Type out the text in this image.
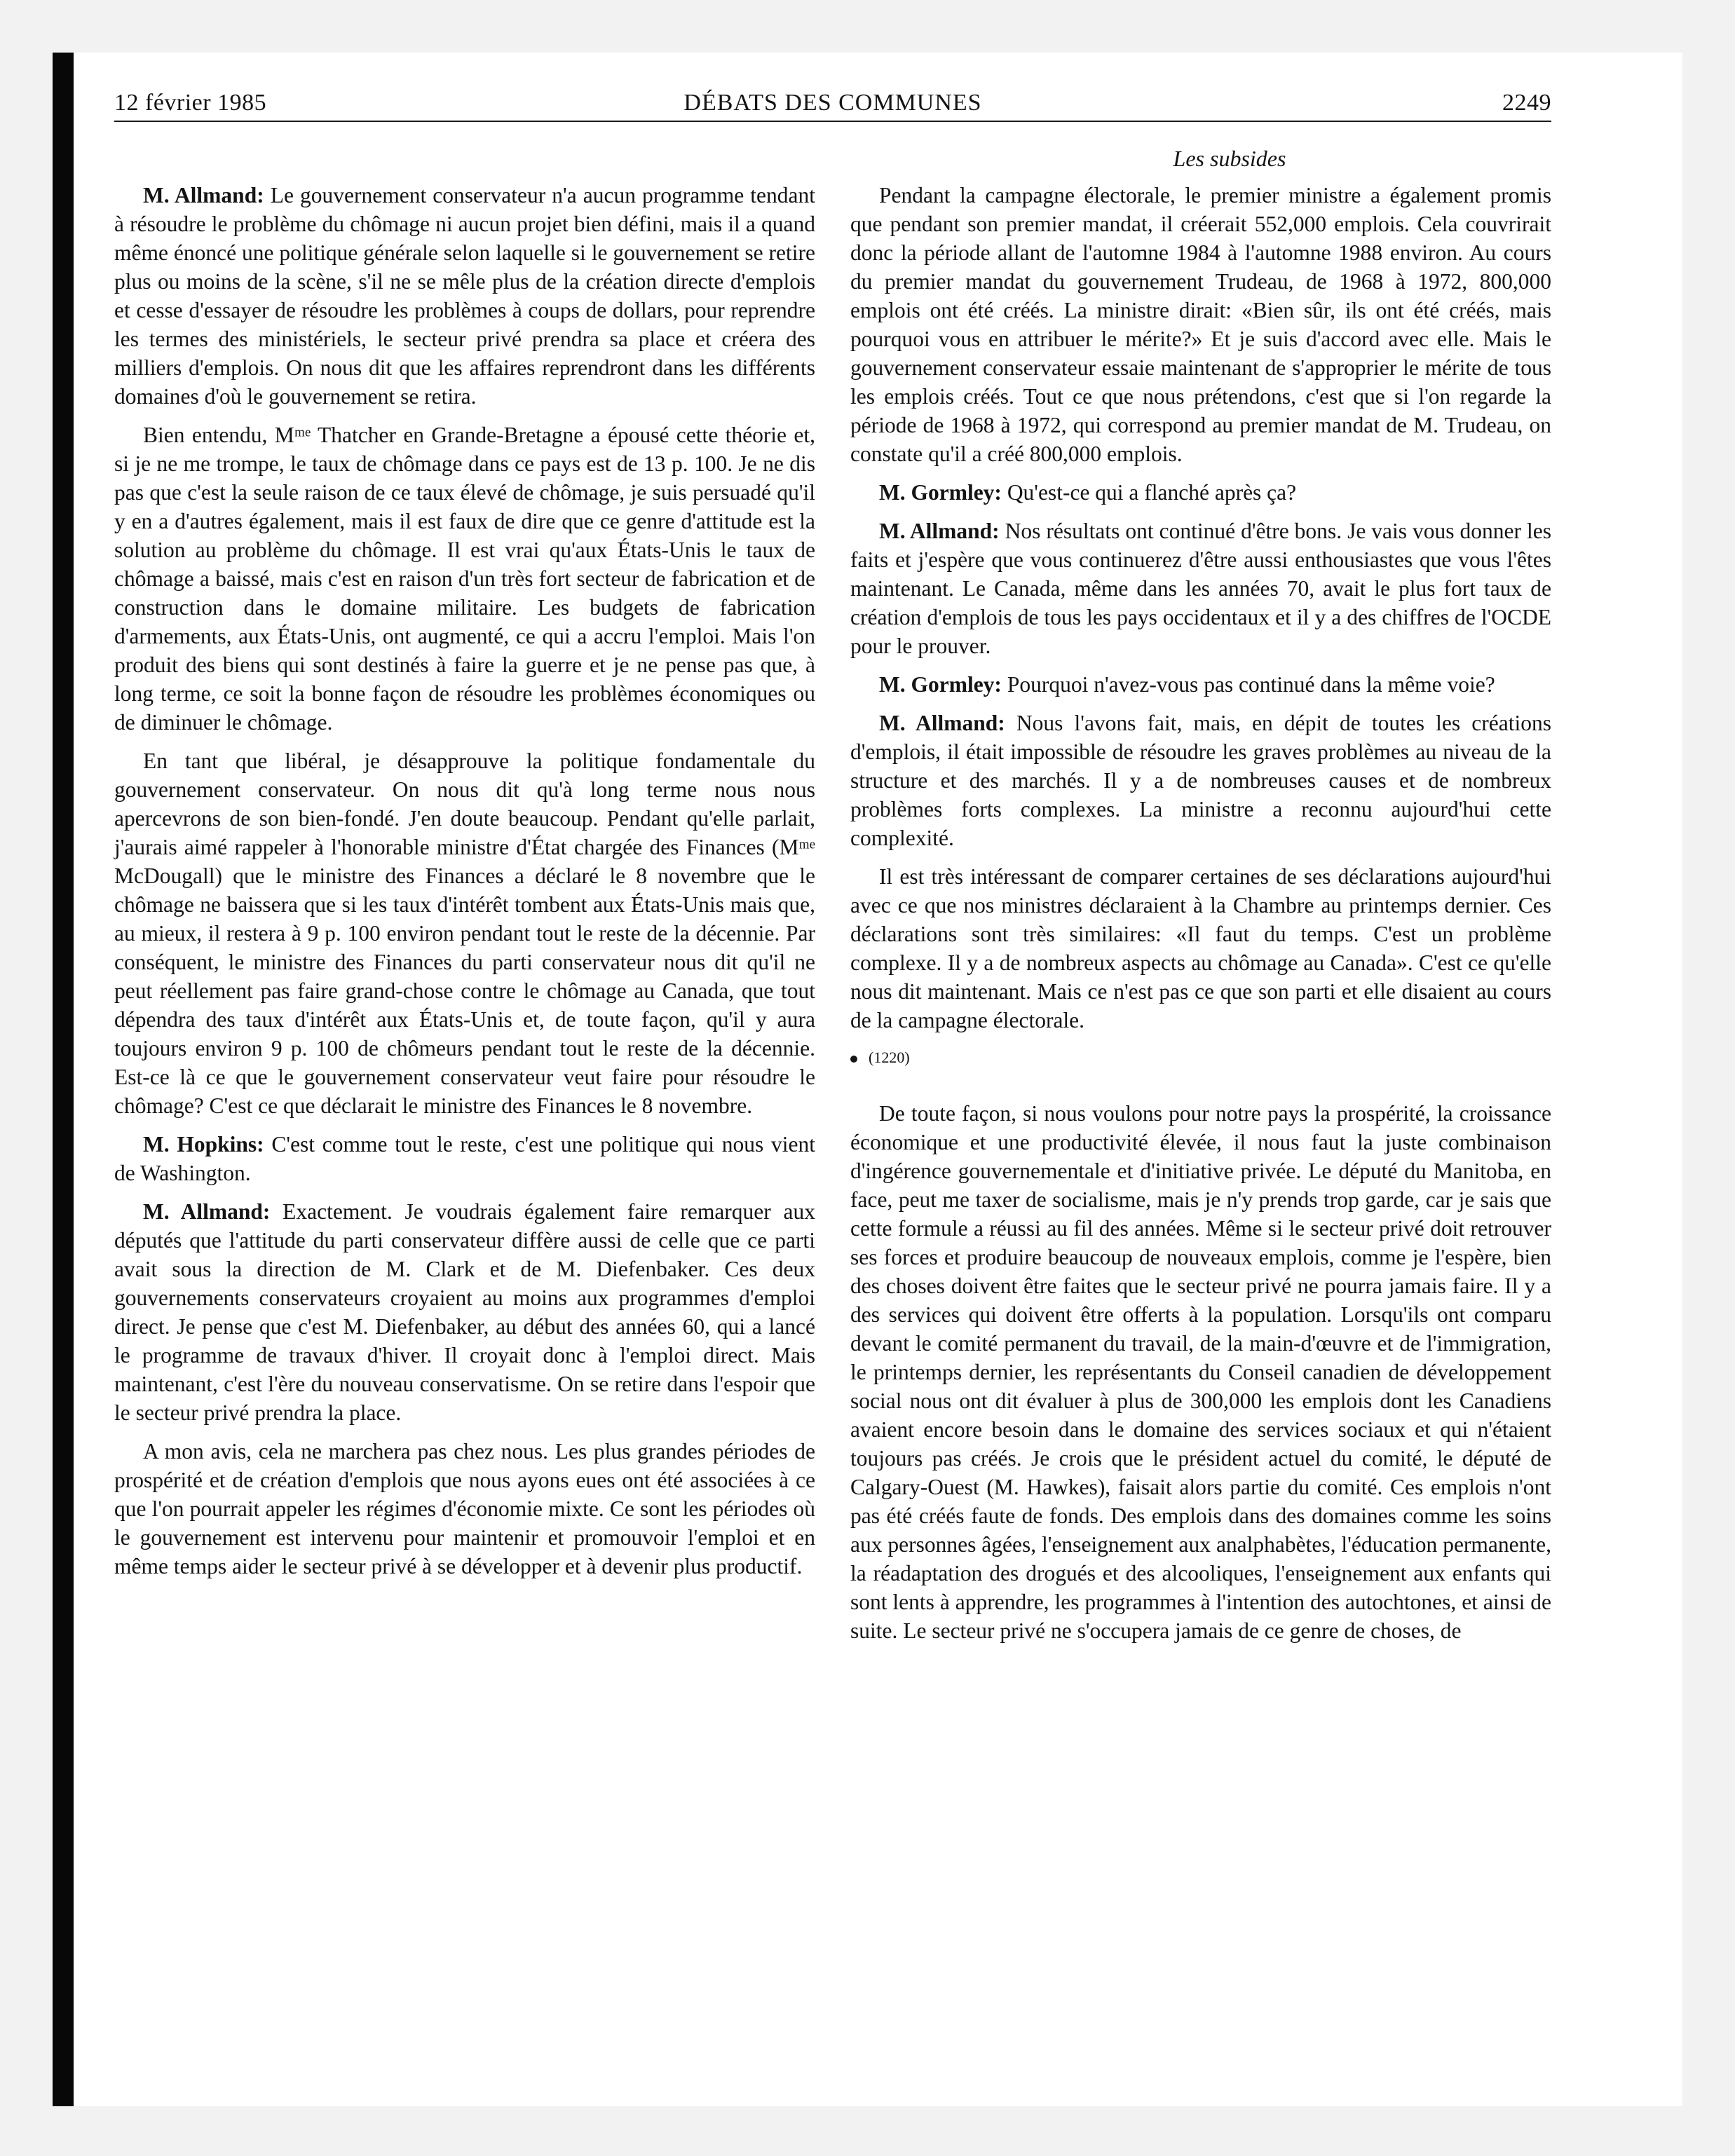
12 février 1985	DÉBATS DES COMMUNES	2249
Les subsides

M. Allmand: Le gouvernement conservateur n'a aucun programme tendant à résoudre le problème du chômage ni aucun projet bien défini, mais il a quand même énoncé une politique générale selon laquelle si le gouvernement se retire plus ou moins de la scène, s'il ne se mêle plus de la création directe d'emplois et cesse d'essayer de résoudre les problèmes à coups de dollars, pour reprendre les termes des ministériels, le secteur privé prendra sa place et créera des milliers d'emplois. On nous dit que les affaires reprendront dans les différents domaines d'où le gouvernement se retira.

Bien entendu, Mᵐᵉ Thatcher en Grande-Bretagne a épousé cette théorie et, si je ne me trompe, le taux de chômage dans ce pays est de 13 p. 100. Je ne dis pas que c'est la seule raison de ce taux élevé de chômage, je suis persuadé qu'il y en a d'autres également, mais il est faux de dire que ce genre d'attitude est la solution au problème du chômage. Il est vrai qu'aux États-Unis le taux de chômage a baissé, mais c'est en raison d'un très fort secteur de fabrication et de construction dans le domaine militaire. Les budgets de fabrication d'armements, aux États-Unis, ont augmenté, ce qui a accru l'emploi. Mais l'on produit des biens qui sont destinés à faire la guerre et je ne pense pas que, à long terme, ce soit la bonne façon de résoudre les problèmes économiques ou de diminuer le chômage.

En tant que libéral, je désapprouve la politique fondamentale du gouvernement conservateur. On nous dit qu'à long terme nous nous apercevrons de son bien-fondé. J'en doute beaucoup. Pendant qu'elle parlait, j'aurais aimé rappeler à l'honorable ministre d'État chargée des Finances (Mᵐᵉ McDougall) que le ministre des Finances a déclaré le 8 novembre que le chômage ne baissera que si les taux d'intérêt tombent aux États-Unis mais que, au mieux, il restera à 9 p. 100 environ pendant tout le reste de la décennie. Par conséquent, le ministre des Finances du parti conservateur nous dit qu'il ne peut réellement pas faire grand-chose contre le chômage au Canada, que tout dépendra des taux d'intérêt aux États-Unis et, de toute façon, qu'il y aura toujours environ 9 p. 100 de chômeurs pendant tout le reste de la décennie. Est-ce là ce que le gouvernement conservateur veut faire pour résoudre le chômage? C'est ce que déclarait le ministre des Finances le 8 novembre.

M. Hopkins: C'est comme tout le reste, c'est une politique qui nous vient de Washington.

M. Allmand: Exactement. Je voudrais également faire remarquer aux députés que l'attitude du parti conservateur diffère aussi de celle que ce parti avait sous la direction de M. Clark et de M. Diefenbaker. Ces deux gouvernements conservateurs croyaient au moins aux programmes d'emploi direct. Je pense que c'est M. Diefenbaker, au début des années 60, qui a lancé le programme de travaux d'hiver. Il croyait donc à l'emploi direct. Mais maintenant, c'est l'ère du nouveau conservatisme. On se retire dans l'espoir que le secteur privé prendra la place.

A mon avis, cela ne marchera pas chez nous. Les plus grandes périodes de prospérité et de création d'emplois que nous ayons eues ont été associées à ce que l'on pourrait appeler les régimes d'économie mixte. Ce sont les périodes où le gouvernement est intervenu pour maintenir et promouvoir l'emploi et en même temps aider le secteur privé à se développer et à devenir plus productif.

Pendant la campagne électorale, le premier ministre a également promis que pendant son premier mandat, il créerait 552,000 emplois. Cela couvrirait donc la période allant de l'automne 1984 à l'automne 1988 environ. Au cours du premier mandat du gouvernement Trudeau, de 1968 à 1972, 800,000 emplois ont été créés. La ministre dirait: «Bien sûr, ils ont été créés, mais pourquoi vous en attribuer le mérite?» Et je suis d'accord avec elle. Mais le gouvernement conservateur essaie maintenant de s'approprier le mérite de tous les emplois créés. Tout ce que nous prétendons, c'est que si l'on regarde la période de 1968 à 1972, qui correspond au premier mandat de M. Trudeau, on constate qu'il a créé 800,000 emplois.

M. Gormley: Qu'est-ce qui a flanché après ça?

M. Allmand: Nos résultats ont continué d'être bons. Je vais vous donner les faits et j'espère que vous continuerez d'être aussi enthousiastes que vous l'êtes maintenant. Le Canada, même dans les années 70, avait le plus fort taux de création d'emplois de tous les pays occidentaux et il y a des chiffres de l'OCDE pour le prouver.

M. Gormley: Pourquoi n'avez-vous pas continué dans la même voie?

M. Allmand: Nous l'avons fait, mais, en dépit de toutes les créations d'emplois, il était impossible de résoudre les graves problèmes au niveau de la structure et des marchés. Il y a de nombreuses causes et de nombreux problèmes forts complexes. La ministre a reconnu aujourd'hui cette complexité.

Il est très intéressant de comparer certaines de ses déclarations aujourd'hui avec ce que nos ministres déclaraient à la Chambre au printemps dernier. Ces déclarations sont très similaires: «Il faut du temps. C'est un problème complexe. Il y a de nombreux aspects au chômage au Canada». C'est ce qu'elle nous dit maintenant. Mais ce n'est pas ce que son parti et elle disaient au cours de la campagne électorale.

(1220)

De toute façon, si nous voulons pour notre pays la prospérité, la croissance économique et une productivité élevée, il nous faut la juste combinaison d'ingérence gouvernementale et d'initiative privée. Le député du Manitoba, en face, peut me taxer de socialisme, mais je n'y prends trop garde, car je sais que cette formule a réussi au fil des années. Même si le secteur privé doit retrouver ses forces et produire beaucoup de nouveaux emplois, comme je l'espère, bien des choses doivent être faites que le secteur privé ne pourra jamais faire. Il y a des services qui doivent être offerts à la population. Lorsqu'ils ont comparu devant le comité permanent du travail, de la main-d'œuvre et de l'immigration, le printemps dernier, les représentants du Conseil canadien de développement social nous ont dit évaluer à plus de 300,000 les emplois dont les Canadiens avaient encore besoin dans le domaine des services sociaux et qui n'étaient toujours pas créés. Je crois que le président actuel du comité, le député de Calgary-Ouest (M. Hawkes), faisait alors partie du comité. Ces emplois n'ont pas été créés faute de fonds. Des emplois dans des domaines comme les soins aux personnes âgées, l'enseignement aux analphabètes, l'éducation permanente, la réadaptation des drogués et des alcooliques, l'enseignement aux enfants qui sont lents à apprendre, les programmes à l'intention des autochtones, et ainsi de suite. Le secteur privé ne s'occupera jamais de ce genre de choses, de
